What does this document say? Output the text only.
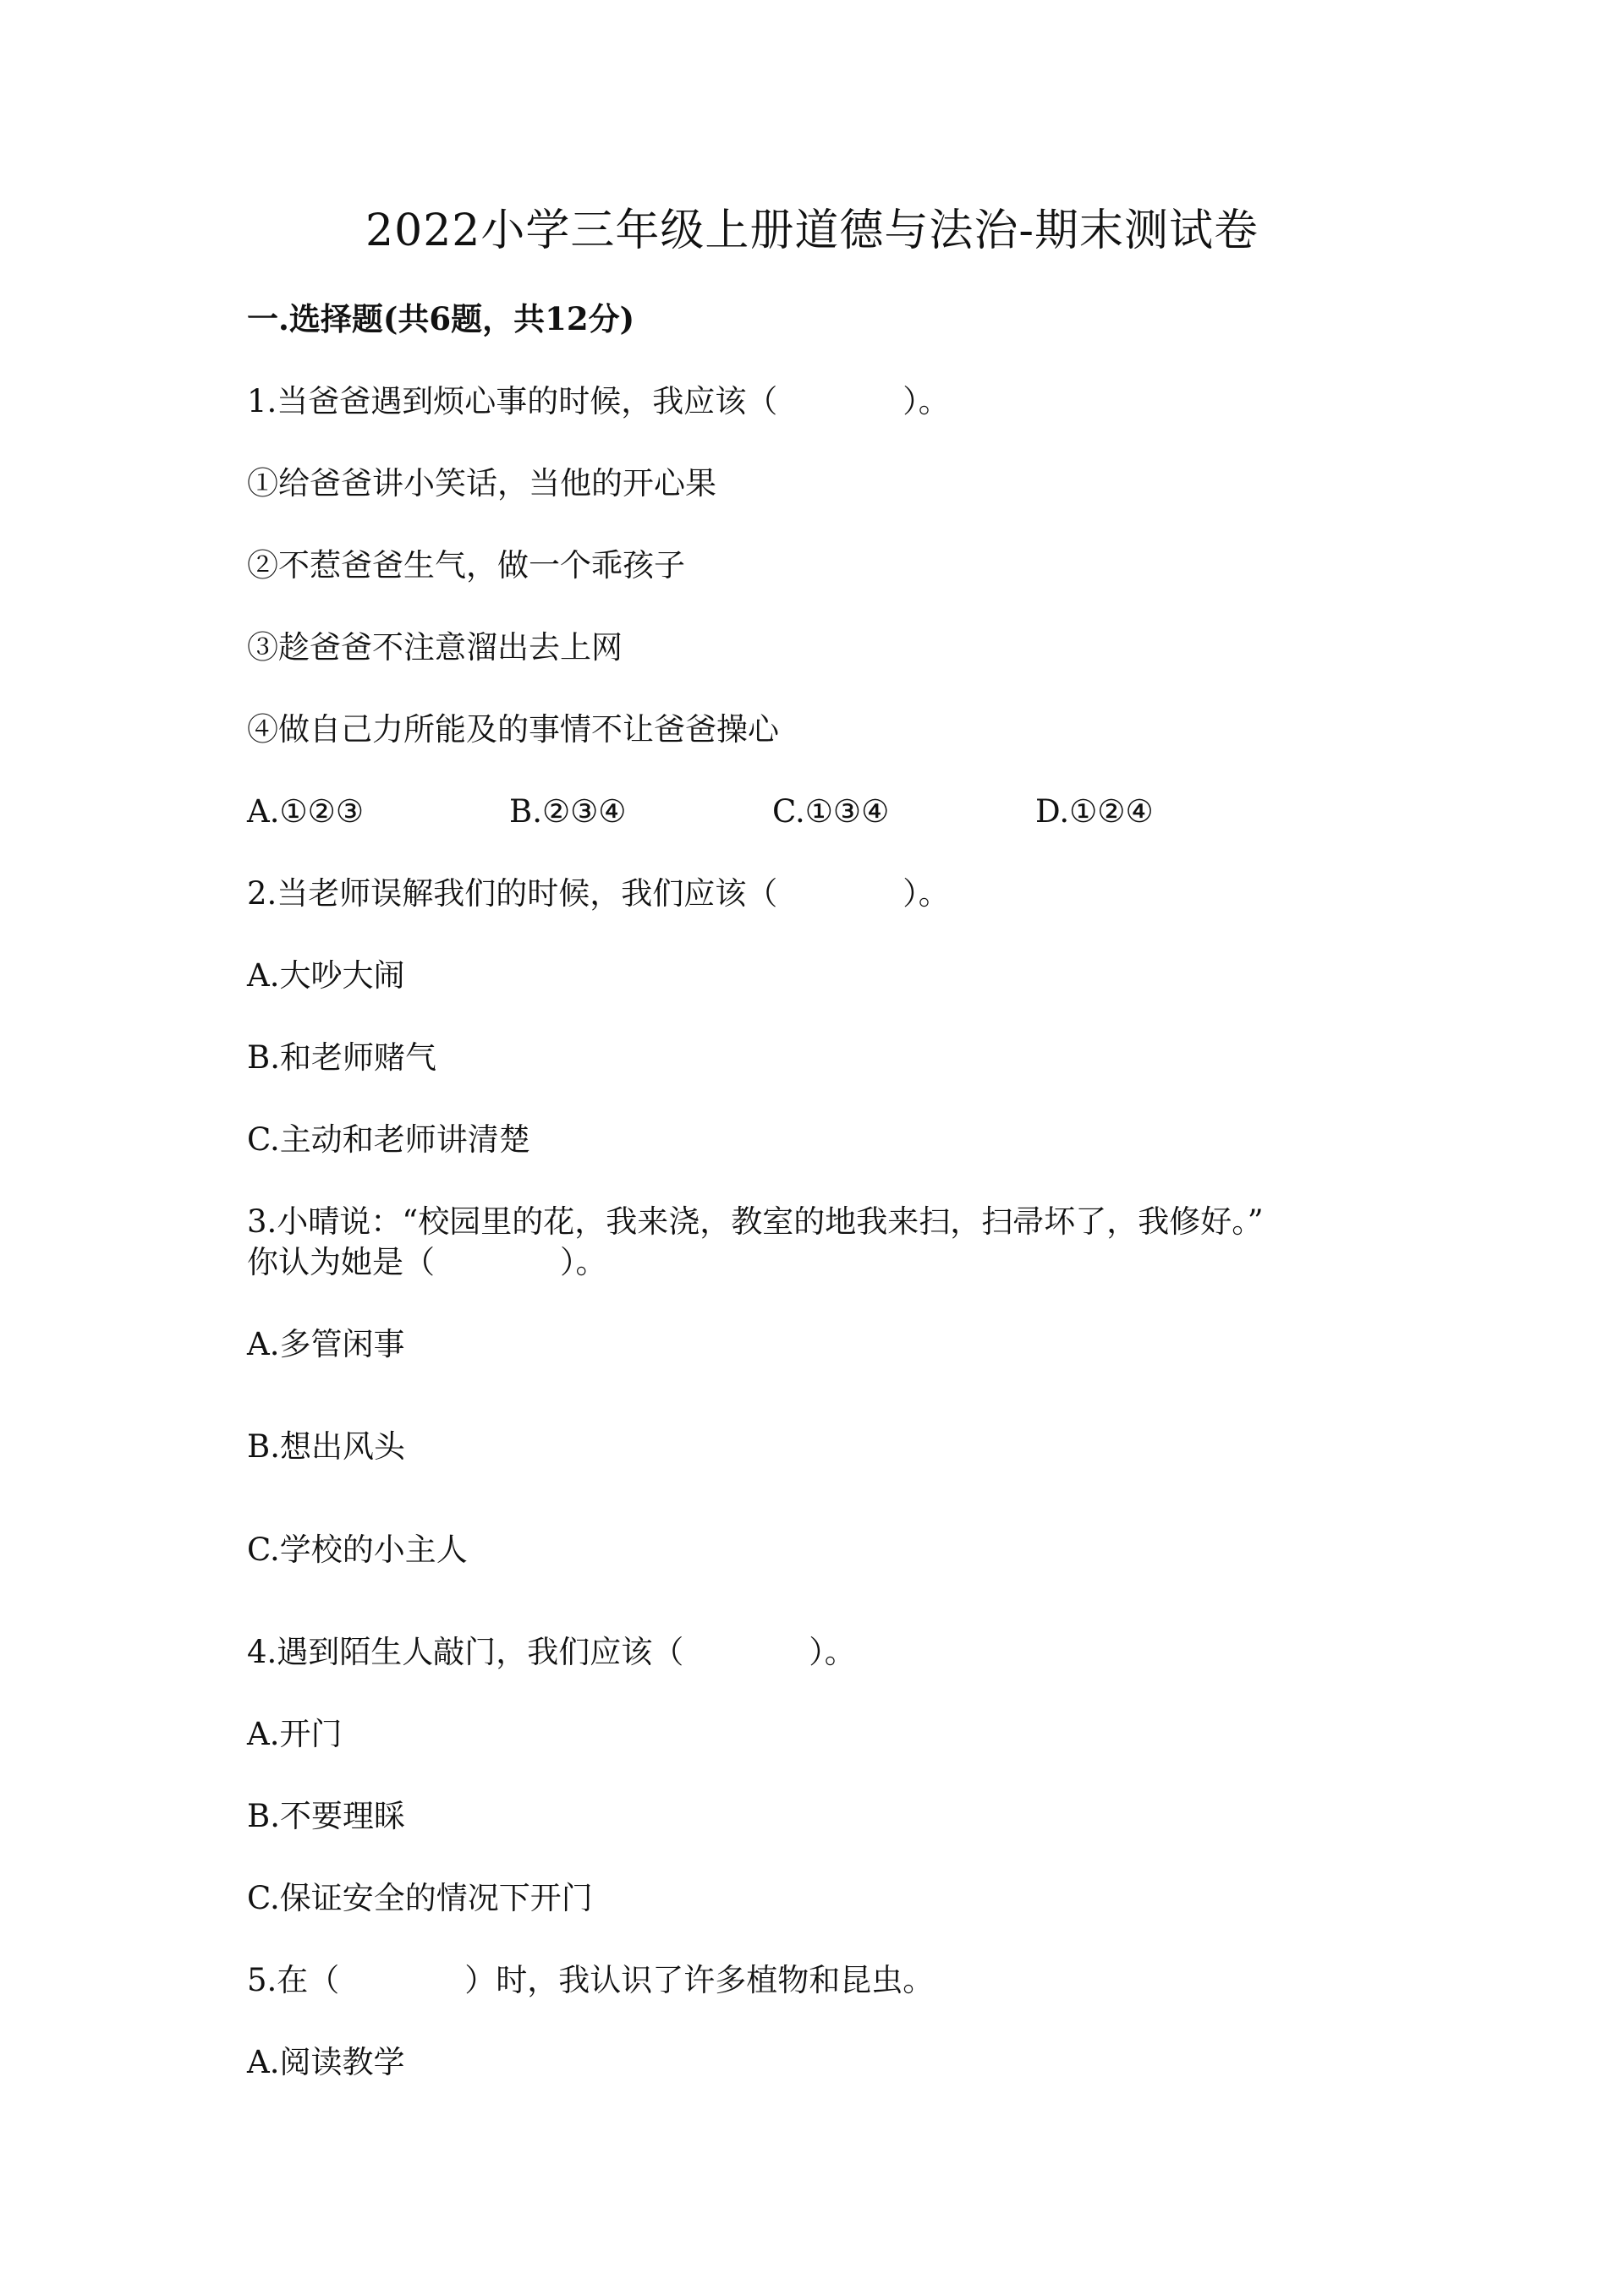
2022小学三年级上册道德与法治-期末测试卷
一.选择题(共6题，共12分)

1.当爸爸遇到烦心事的时候，我应该（　　　　）。

①给爸爸讲小笑话，当他的开心果

②不惹爸爸生气，做一个乖孩子

③趁爸爸不注意溜出去上网

④做自己力所能及的事情不让爸爸操心

A.①②③	B.②③④	C.①③④	D.①②④

2.当老师误解我们的时候，我们应该（　　　　）。

A.大吵大闹

B.和老师赌气

C.主动和老师讲清楚

3.小晴说：“校园里的花，我来浇，教室的地我来扫，扫帚坏了，我修好。”

你认为她是（　　　　）。

A.多管闲事

B.想出风头

C.学校的小主人

4.遇到陌生人敲门，我们应该（　　　　）。

A.开门

B.不要理睬

C.保证安全的情况下开门

5.在（　　　　）时，我认识了许多植物和昆虫。

A.阅读教学
